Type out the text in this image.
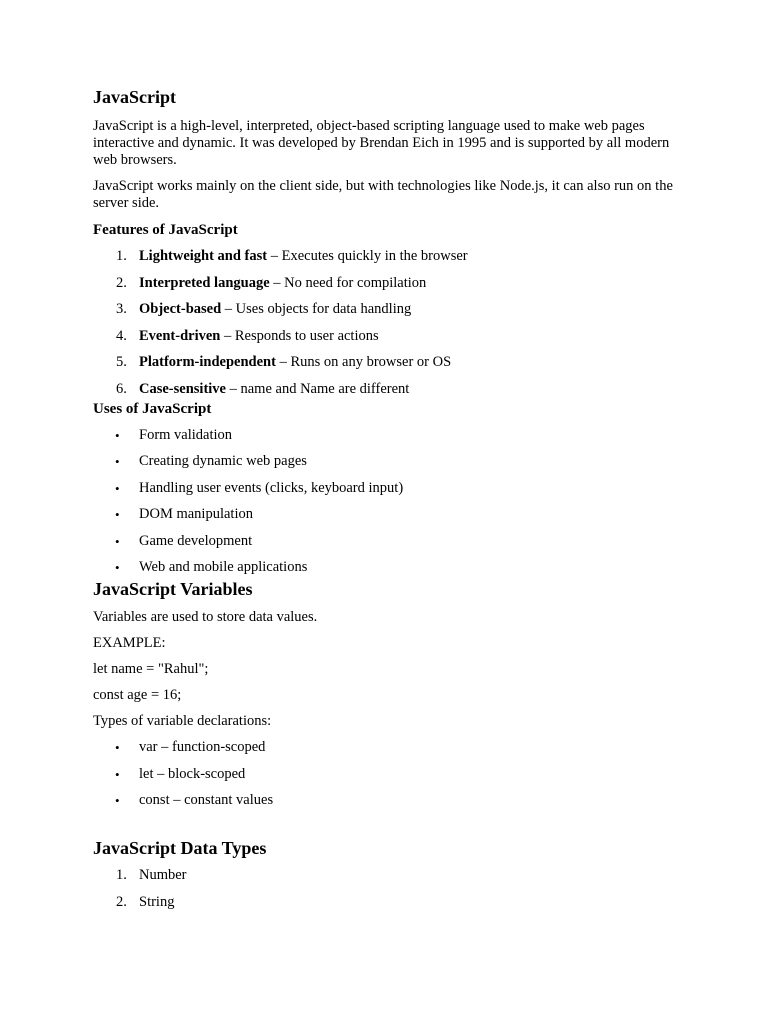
JavaScript

JavaScript is a high-level, interpreted, object-based scripting language used to make web pages interactive and dynamic. It was developed by Brendan Eich in 1995 and is supported by all modern web browsers.

JavaScript works mainly on the client side, but with technologies like Node.js, it can also run on the server side.

Features of JavaScript
1. Lightweight and fast – Executes quickly in the browser
2. Interpreted language – No need for compilation
3. Object-based – Uses objects for data handling
4. Event-driven – Responds to user actions
5. Platform-independent – Runs on any browser or OS
6. Case-sensitive – name and Name are different
Uses of JavaScript
• Form validation
• Creating dynamic web pages
• Handling user events (clicks, keyboard input)
• DOM manipulation
• Game development
• Web and mobile applications
JavaScript Variables

Variables are used to store data values.

EXAMPLE:

let name = "Rahul";

const age = 16;

Types of variable declarations:

• var – function-scoped
• let – block-scoped
• const – constant values
JavaScript Data Types
1. Number
2. String
